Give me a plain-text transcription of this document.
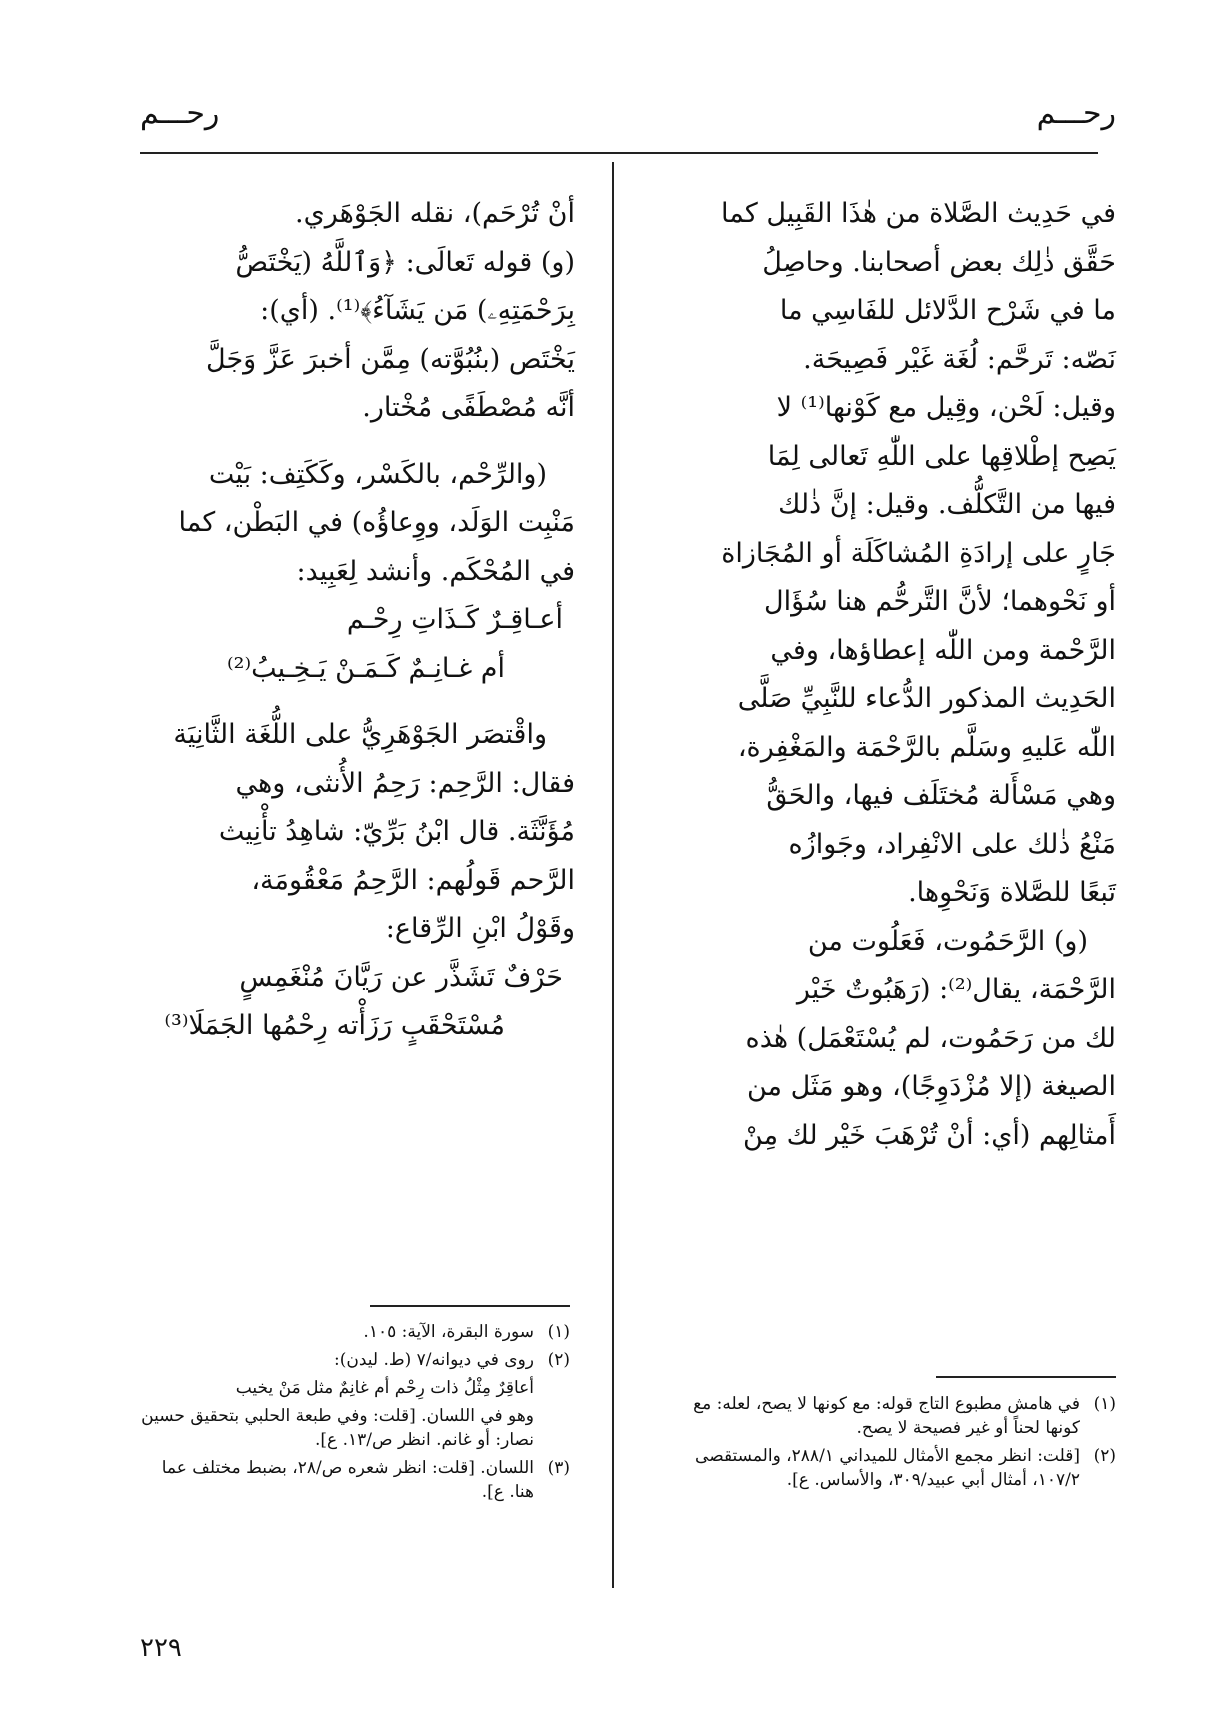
رحـــم
رحـــم

في حَدِيث الصَّلاة من هٰذَا القَبِيل كما

حَقَّق ذٰلِك بعض أصحابنا. وحاصِلُ

ما في شَرْح الدَّلائل للفَاسِي ما

نَصّه: تَرحَّم: لُغَة غَيْر فَصِيحَة.

وقيل: لَحْن، وقِيل مع كَوْنها⁽¹⁾ لا

يَصِح إطْلاقِها على اللّٰهِ تَعالى لِمَا

فيها من التَّكلُّف. وقيل: إنَّ ذٰلك

جَارٍ على إرادَةِ المُشاكَلَة أو المُجَازاة

أو نَحْوهما؛ لأنَّ التَّرحُّم هنا سُؤَال

الرَّحْمة ومن اللّٰه إعطاؤها، وفي

الحَدِيث المذكور الدُّعاء للنَّبِيِّ صَلَّى

اللّٰه عَليهِ وسَلَّم بالرَّحْمَة والمَغْفِرة،

وهي مَسْأَلة مُختَلَف فيها، والحَقُّ

مَنْعُ ذٰلك على الانْفِراد، وجَوازُه

تَبعًا للصَّلاة وَنَحْوِها.

(و) الرَّحَمُوت، فَعَلُوت من

الرَّحْمَة، يقال⁽²⁾: (رَهَبُوتٌ خَيْر

لك من رَحَمُوت، لم يُسْتَعْمَل) هٰذه

الصيغة (إلا مُزْدَوِجًا)، وهو مَثَل من

أَمثالِهم (أي: أنْ تُرْهَبَ خَيْر لك مِنْ

أنْ تُرْحَم)، نقله الجَوْهَري.

(و) قوله تَعالَى: ﴿وَٱللَّهُ (يَخْتَصُّ

بِرَحْمَتِهِۦ) مَن يَشَآءُ﴾⁽¹⁾. (أي):

يَخْتَص (بنُبُوَّته) مِمَّن أخبرَ عَزَّ وَجَلَّ

أنَّه مُصْطَفًى مُخْتار.

(والرِّحْم، بالكَسْر، وكَكَتِف: بَيْت

مَنْبِت الوَلَد، ووِعاؤُه) في البَطْن، كما

في المُحْكَم. وأنشد لِعَبِيد:

أعـاقِـرٌ كَـذَاتِ رِحْـم

أم غـانِـمٌ كَـمَـنْ يَـخِـيبُ⁽²⁾

واقْتصَر الجَوْهَرِيُّ على اللُّغَة الثَّانِيَة

فقال: الرَّحِم: رَحِمُ الأُنثى، وهي

مُؤَنَّثَة. قال ابْنُ بَرِّيّ: شاهِدُ تأْنِيث

الرَّحم قَولُهم: الرَّحِمُ مَعْقُومَة،

وقَوْلُ ابْنِ الرِّقاع:

حَرْفٌ تَشَذَّر عن رَيَّانَ مُنْغَمِسٍ

مُسْتَحْقَبٍ رَزَأْته رِحْمُها الجَمَلَا⁽³⁾

(١)
في هامش مطبوع التاج قوله: مع كونها لا يصح، لعله: مع كونها لحناً أو غير فصيحة لا يصح.
(٢)
[قلت: انظر مجمع الأمثال للميداني ٢٨٨/١، والمستقصى ١٠٧/٢، أمثال أبي عبيد/٣٠٩، والأساس. ع].
(١)
سورة البقرة، الآية: ١٠٥.
(٢)
روى في ديوانه/٧ (ط. ليدن):
أعاقِرٌ مِثْلُ ذات رِحْم أم غانِمٌ مثل مَنْ يخيب
وهو في اللسان. [قلت: وفي طبعة الحلبي بتحقيق حسين نصار: أو غانم. انظر ص/١٣. ع].
(٣)
اللسان. [قلت: انظر شعره ص/٢٨، بضبط مختلف عما هنا. ع].
٢٢٩
